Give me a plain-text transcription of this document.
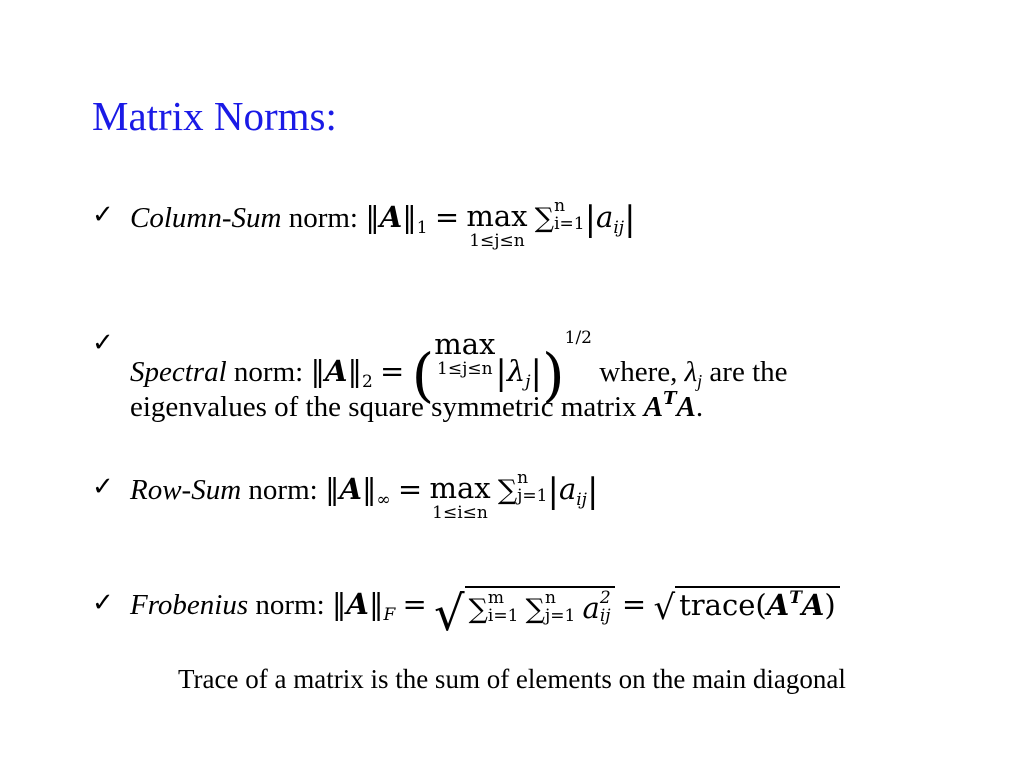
Matrix Norms:
✓ Column-Sum norm: $‖A‖_1 = \max$
1≤j≤n
∑ n
i=1 $|a_{ij}|$
✓
Spectral norm: $‖A‖_2$ = ( max
1≤j≤n $|\lambda_j|)^{1/2}$ where, $\lambda_j$ are the
eigenvalues of the square symmetric matrix $A^TA$.
✓ Row-Sum norm: $‖A‖_\infty = \max$
1≤i≤n
∑ n
j=1 $|a_{ij}|$
✓ Frobenius norm: $‖A‖_F$ = √ ∑ m
i=1 ∑ n
j=1 a 2
ij = √ $trace(A^TA)$
Trace of a matrix is the sum of elements on the main diagonal
